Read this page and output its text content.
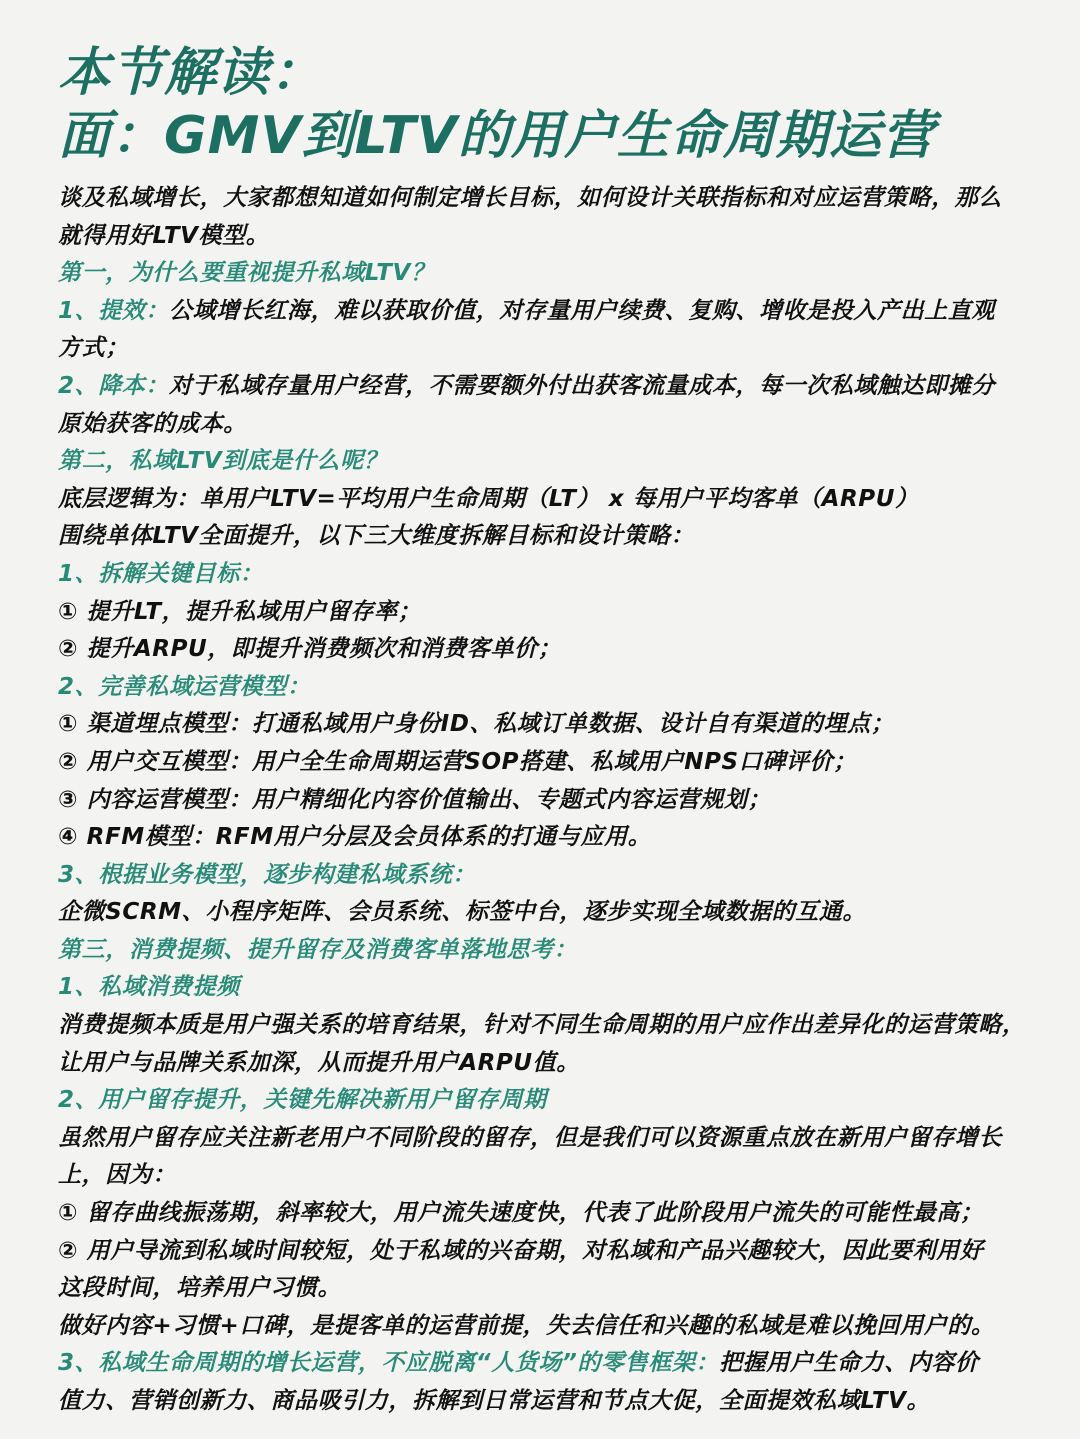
本节解读：
面：GMV到LTV的用户生命周期运营
谈及私域增长，大家都想知道如何制定增长目标，如何设计关联指标和对应运营策略，那么
就得用好LTV模型。
第一，为什么要重视提升私域LTV？
1、提效：公域增长红海，难以获取价值，对存量用户续费、复购、增收是投入产出上直观
方式；
2、降本：对于私域存量用户经营，不需要额外付出获客流量成本，每一次私域触达即摊分
原始获客的成本。
第二，私域LTV到底是什么呢？
底层逻辑为：单用户LTV=平均用户生命周期（LT） x 每用户平均客单（ARPU）
围绕单体LTV全面提升，以下三大维度拆解目标和设计策略：
1、拆解关键目标：
① 提升LT，提升私域用户留存率；
② 提升ARPU，即提升消费频次和消费客单价；
2、完善私域运营模型：
① 渠道埋点模型：打通私域用户身份ID、私域订单数据、设计自有渠道的埋点；
② 用户交互模型：用户全生命周期运营SOP搭建、私域用户NPS口碑评价；
③ 内容运营模型：用户精细化内容价值输出、专题式内容运营规划；
④ RFM模型：RFM用户分层及会员体系的打通与应用。
3、根据业务模型，逐步构建私域系统：
企微SCRM、小程序矩阵、会员系统、标签中台，逐步实现全域数据的互通。
第三，消费提频、提升留存及消费客单落地思考：
1、私域消费提频
消费提频本质是用户强关系的培育结果，针对不同生命周期的用户应作出差异化的运营策略，
让用户与品牌关系加深，从而提升用户ARPU值。
2、用户留存提升，关键先解决新用户留存周期
虽然用户留存应关注新老用户不同阶段的留存，但是我们可以资源重点放在新用户留存增长
上，因为：
① 留存曲线振荡期，斜率较大，用户流失速度快，代表了此阶段用户流失的可能性最高；
② 用户导流到私域时间较短，处于私域的兴奋期，对私域和产品兴趣较大，因此要利用好
这段时间，培养用户习惯。
做好内容+习惯+口碑，是提客单的运营前提，失去信任和兴趣的私域是难以挽回用户的。
3、私域生命周期的增长运营，不应脱离“人货场”的零售框架：把握用户生命力、内容价
值力、营销创新力、商品吸引力，拆解到日常运营和节点大促，全面提效私域LTV。
